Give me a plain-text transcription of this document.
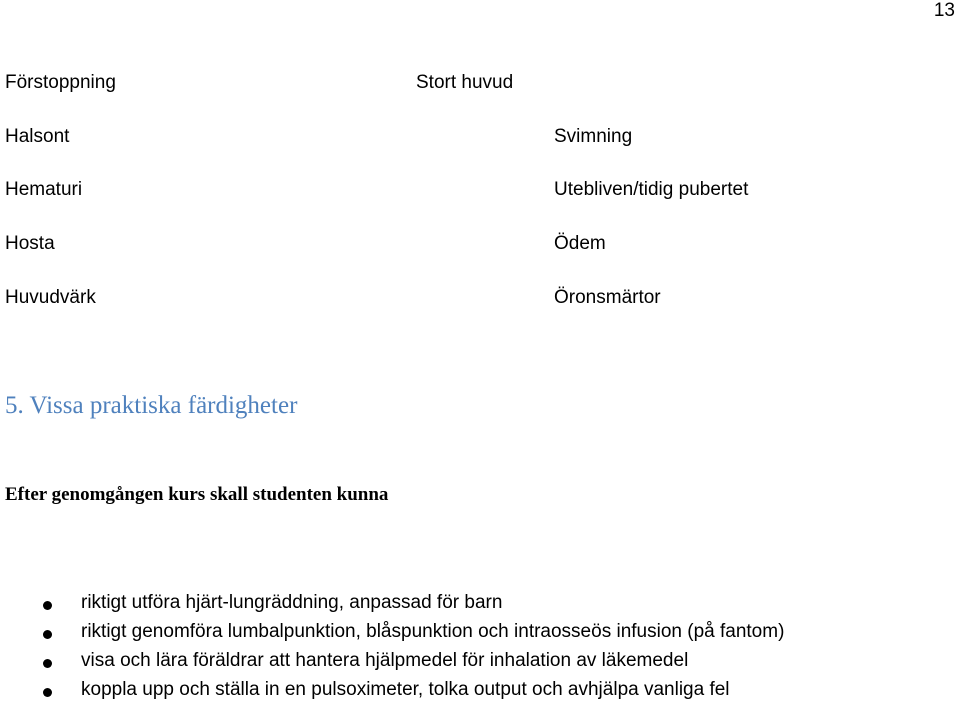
13
Förstoppning
Halsont
Hematuri
Hosta
Huvudvärk
Stort huvud
Svimning
Utebliven/tidig pubertet
Ödem
Öronsmärtor
5. Vissa praktiska färdigheter
Efter genomgången kurs skall studenten kunna
riktigt utföra hjärt-lungräddning, anpassad för barn
riktigt genomföra lumbalpunktion, blåspunktion och intraosseös infusion (på fantom)
visa och lära föräldrar att hantera hjälpmedel för inhalation av läkemedel
koppla upp och ställa in en pulsoximeter, tolka output och avhjälpa vanliga fel
